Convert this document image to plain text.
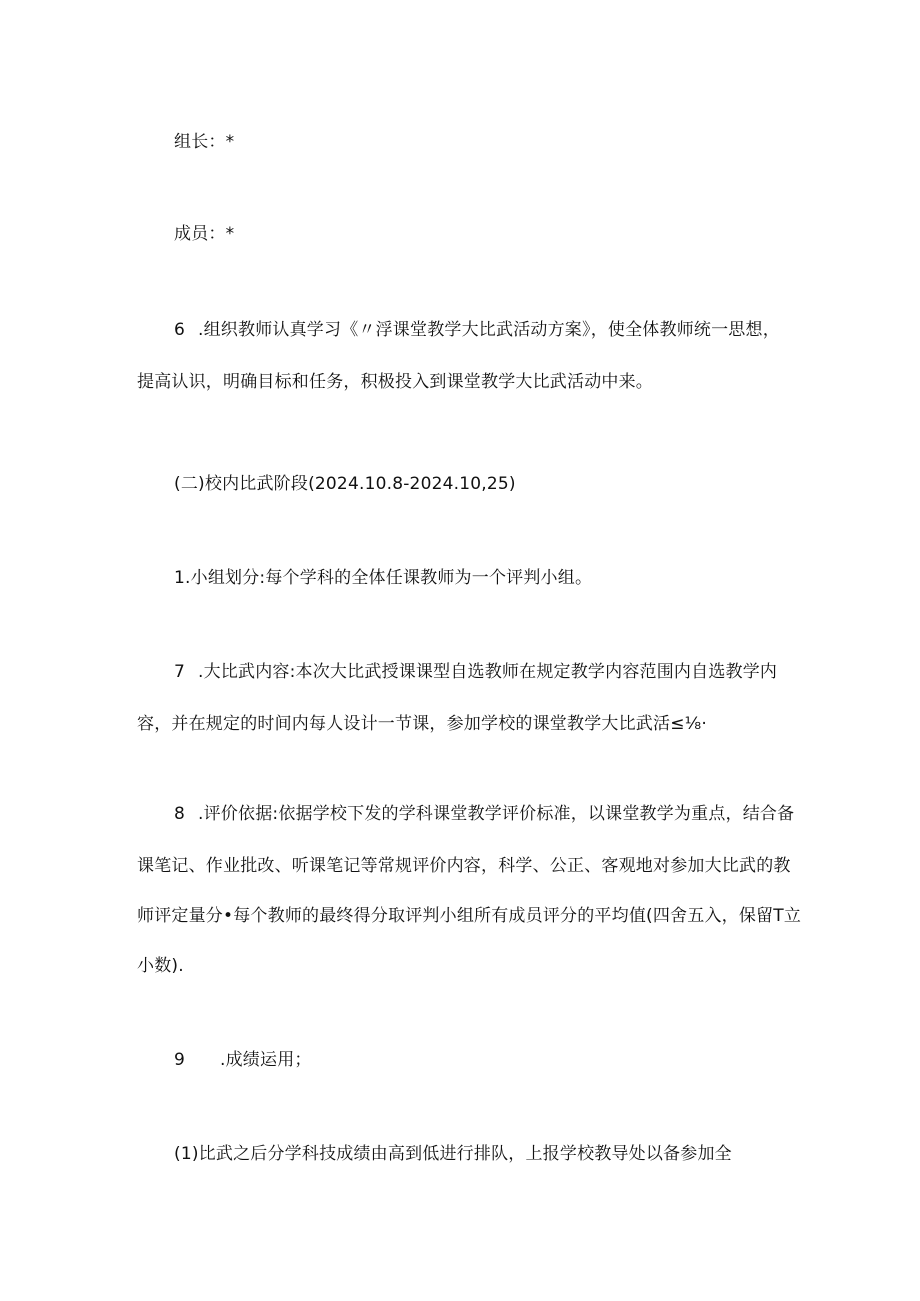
组长：*
成员：*
6 .组织教师认真学习《〃浮课堂教学大比武活动方案》，使全体教师统一思想，
提高认识，明确目标和任务，积极投入到课堂教学大比武活动中来。
(二)校内比武阶段(2024.10.8-2024.10,25)
1.小组划分:每个学科的全体任课教师为一个评判小组。
7 .大比武内容:本次大比武授课课型自选教师在规定教学内容范围内自选教学内
容，并在规定的时间内每人设计一节课，参加学校的课堂教学大比武活≤⅛·
8 .评价依据:依据学校下发的学科课堂教学评价标准，以课堂教学为重点，结合备
课笔记、作业批改、听课笔记等常规评价内容，科学、公正、客观地对参加大比武的教
师评定量分•每个教师的最终得分取评判小组所有成员评分的平均值(四舍五入，保留T立
小数).
9 .成绩运用；
(1)比武之后分学科技成绩由高到低进行排队，上报学校教导处以备参加全
